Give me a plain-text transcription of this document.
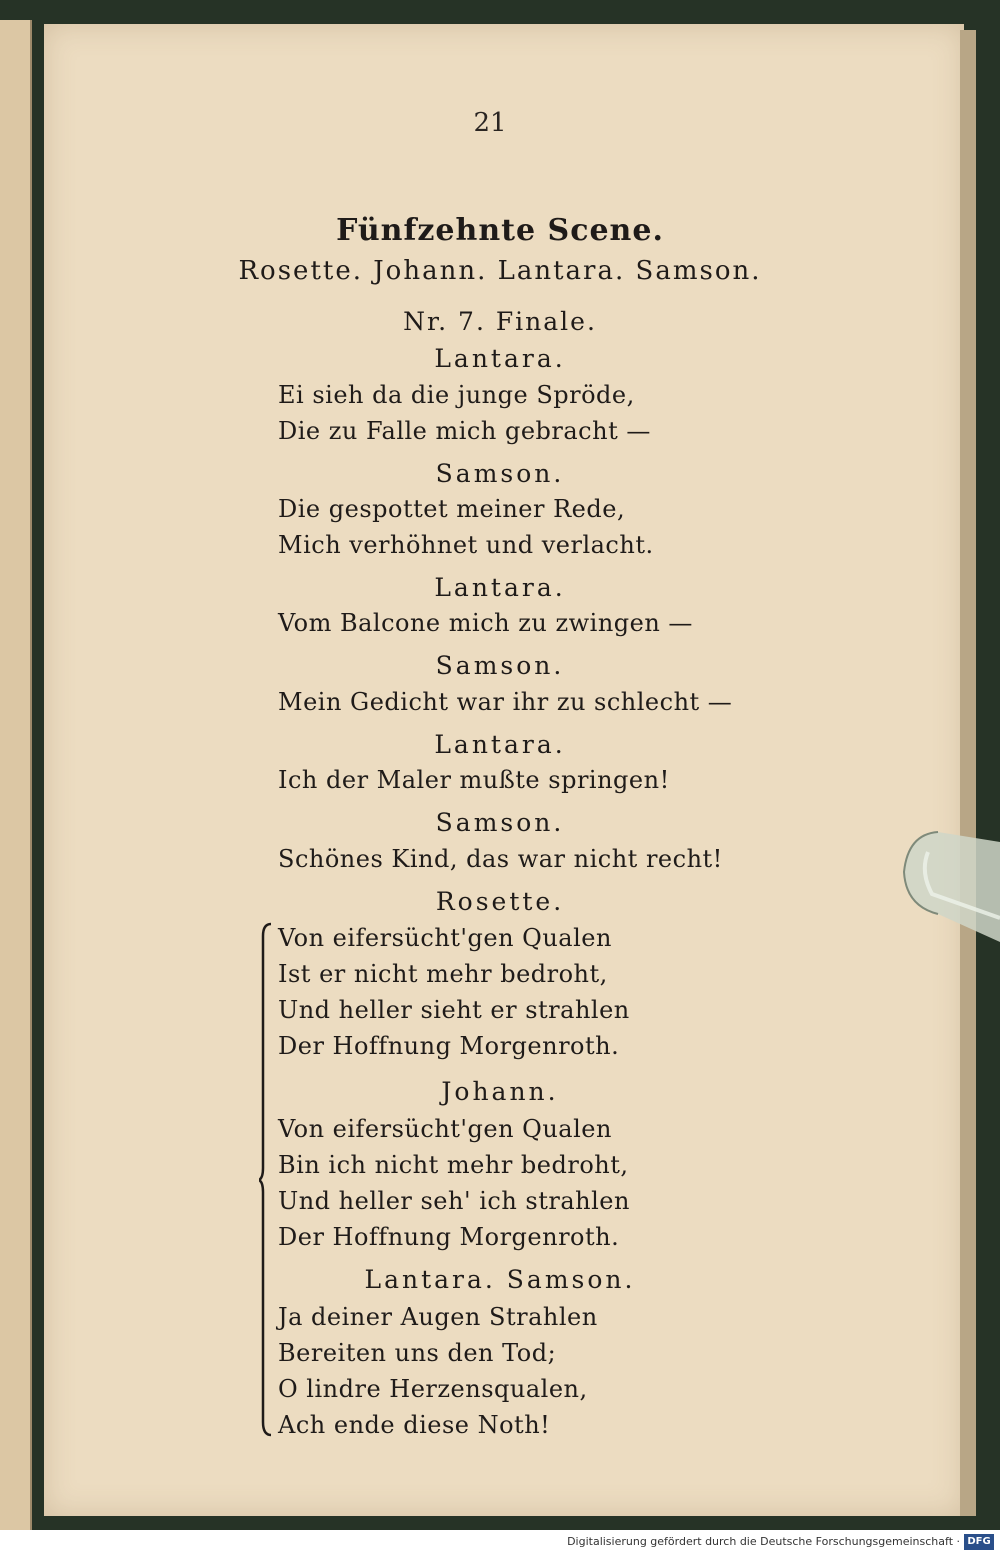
21
Fünfzehnte Scene.
Rosette. Johann. Lantara. Samson.
Nr. 7. Finale.
Lantara.
Ei sieh da die junge Spröde,
Die zu Falle mich gebracht —
Samson.
Die gespottet meiner Rede,
Mich verhöhnet und verlacht.
Lantara.
Vom Balcone mich zu zwingen —
Samson.
Mein Gedicht war ihr zu schlecht —
Lantara.
Ich der Maler mußte springen!
Samson.
Schönes Kind, das war nicht recht!
Rosette.
Von eifersücht'gen Qualen
Ist er nicht mehr bedroht,
Und heller sieht er strahlen
Der Hoffnung Morgenroth.
Johann.
Von eifersücht'gen Qualen
Bin ich nicht mehr bedroht,
Und heller seh' ich strahlen
Der Hoffnung Morgenroth.
Lantara. Samson.
Ja deiner Augen Strahlen
Bereiten uns den Tod;
O lindre Herzensqualen,
Ach ende diese Noth!
Digitalisierung gefördert durch die Deutsche Forschungsgemeinschaft · DFG
